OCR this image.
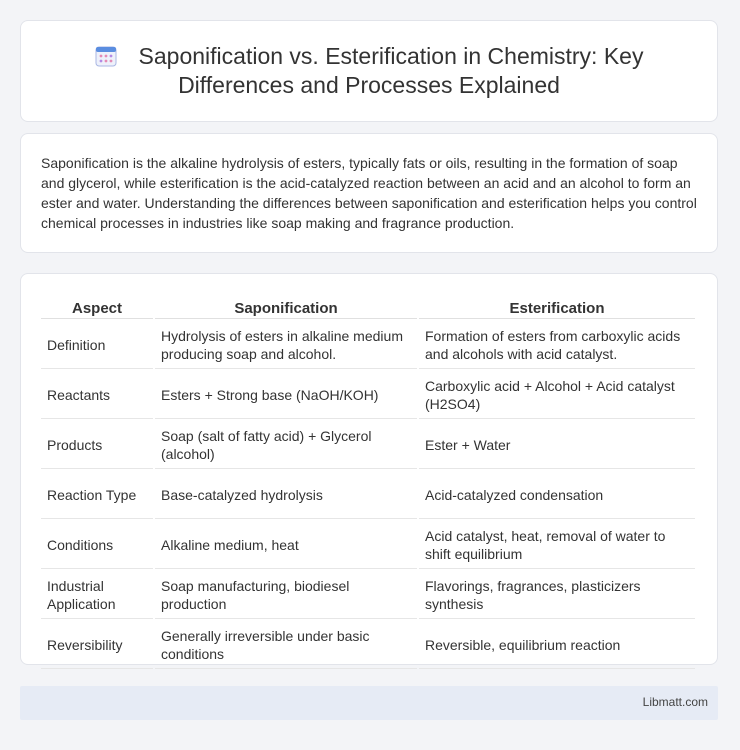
Saponification vs. Esterification in Chemistry: Key Differences and Processes Explained

Saponification is the alkaline hydrolysis of esters, typically fats or oils, resulting in the formation of soap and glycerol, while esterification is the acid-catalyzed reaction between an acid and an alcohol to form an ester and water. Understanding the differences between saponification and esterification helps you control chemical processes in industries like soap making and fragrance production.

Aspect	Saponification	Esterification
Definition	Hydrolysis of esters in alkaline medium producing soap and alcohol.	Formation of esters from carboxylic acids and alcohols with acid catalyst.
Reactants	Esters + Strong base (NaOH/KOH)	Carboxylic acid + Alcohol + Acid catalyst (H2SO4)
Products	Soap (salt of fatty acid) + Glycerol (alcohol)	Ester + Water
Reaction Type	Base-catalyzed hydrolysis	Acid-catalyzed condensation
Conditions	Alkaline medium, heat	Acid catalyst, heat, removal of water to shift equilibrium
Industrial Application	Soap manufacturing, biodiesel production	Flavorings, fragrances, plasticizers synthesis
Reversibility	Generally irreversible under basic conditions	Reversible, equilibrium reaction
Libmatt.com
